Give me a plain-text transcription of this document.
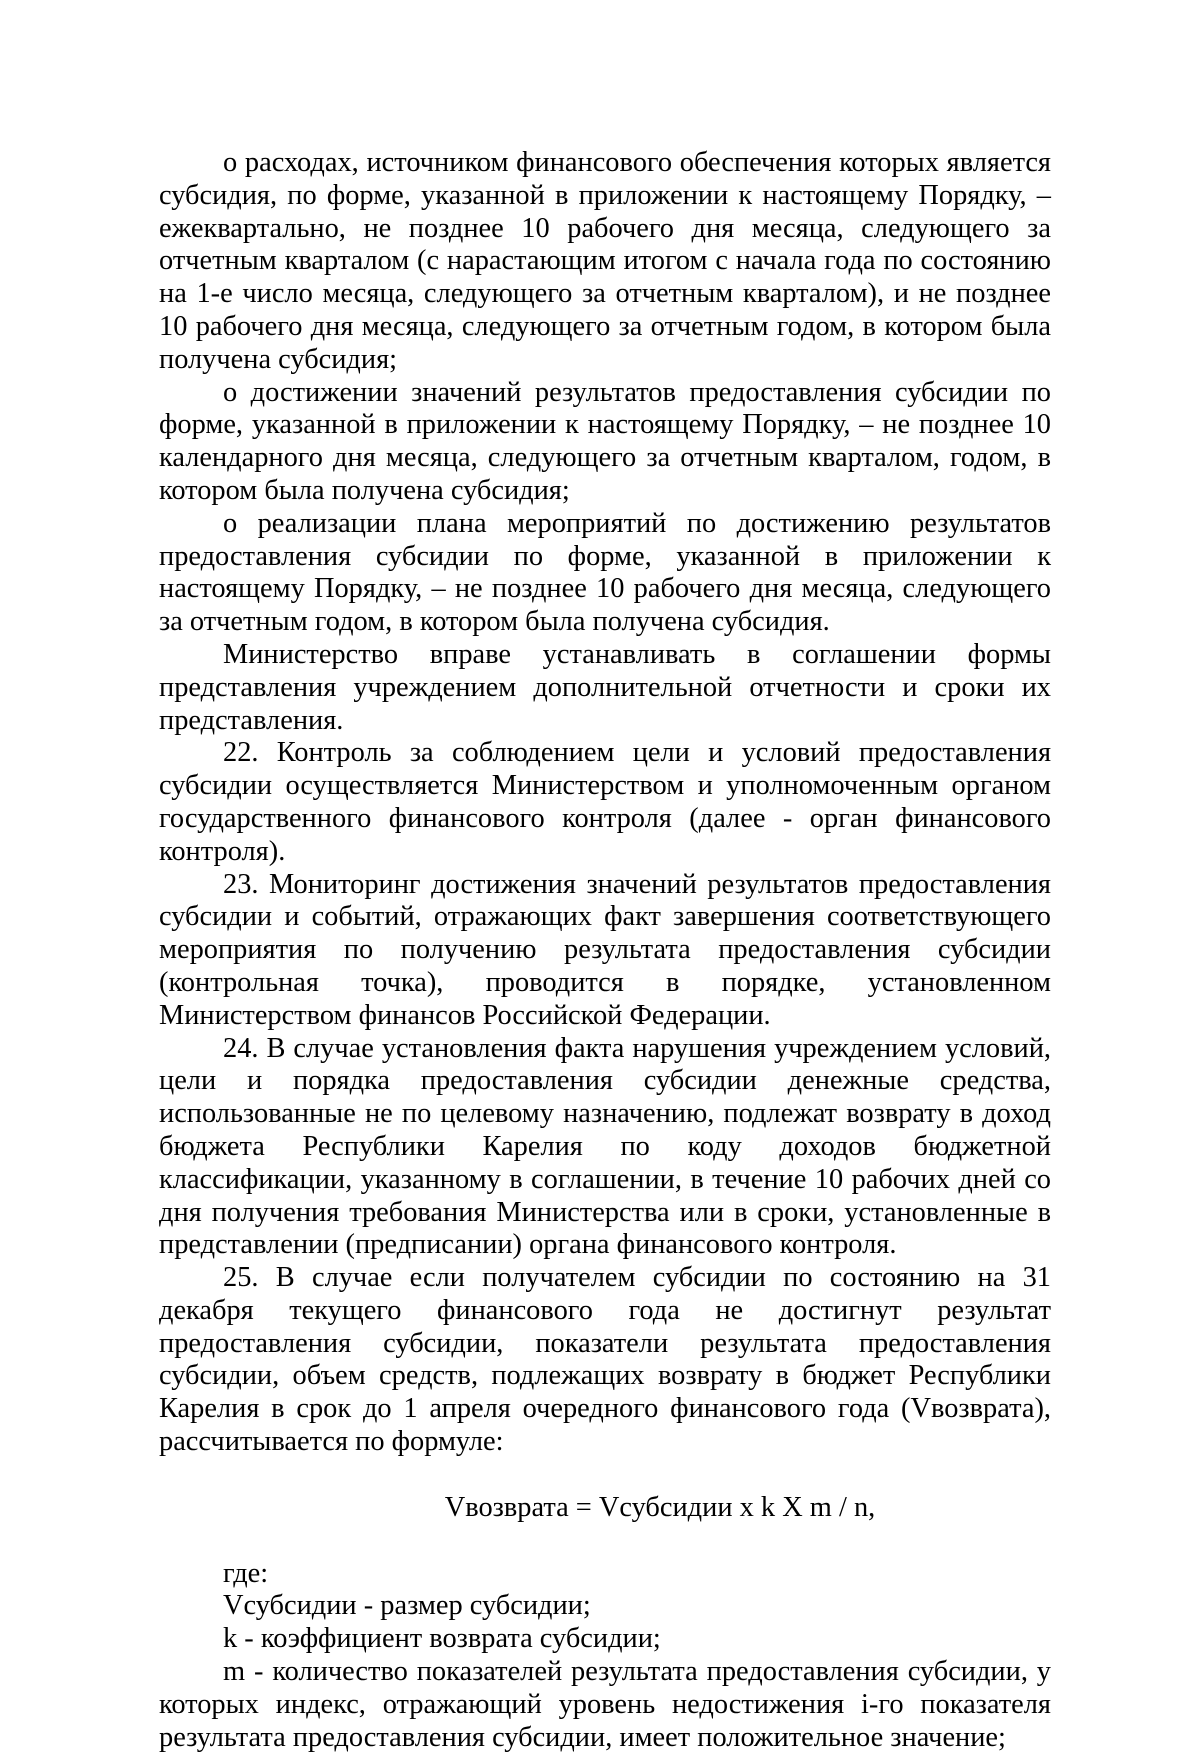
о расходах, источником финансового обеспечения которых является субсидия, по форме, указанной в приложении к настоящему Порядку, – ежеквартально, не позднее 10 рабочего дня месяца, следующего за отчетным кварталом (с нарастающим итогом с начала года по состоянию на 1-е число месяца, следующего за отчетным кварталом), и не позднее 10 рабочего дня месяца, следующего за отчетным годом, в котором была получена субсидия;

о достижении значений результатов предоставления субсидии по форме, указанной в приложении к настоящему Порядку, – не позднее 10 календарного дня месяца, следующего за отчетным кварталом, годом, в котором была получена субсидия;

о реализации плана мероприятий по достижению результатов предоставления субсидии по форме, указанной в приложении к настоящему Порядку, – не позднее 10 рабочего дня месяца, следующего за отчетным годом, в котором была получена субсидия.

Министерство вправе устанавливать в соглашении формы представления учреждением дополнительной отчетности и сроки их представления.

22. Контроль за соблюдением цели и условий предоставления субсидии осуществляется Министерством и уполномоченным органом государственного финансового контроля (далее - орган финансового контроля).

23. Мониторинг достижения значений результатов предоставления субсидии и событий, отражающих факт завершения соответствующего мероприятия по получению результата предоставления субсидии (контрольная точка), проводится в порядке, установленном Министерством финансов Российской Федерации.

24. В случае установления факта нарушения учреждением условий, цели и порядка предоставления субсидии денежные средства, использованные не по целевому назначению, подлежат возврату в доход бюджета Республики Карелия по коду доходов бюджетной классификации, указанному в соглашении, в течение 10 рабочих дней со дня получения требования Министерства или в сроки, установленные в представлении (предписании) органа финансового контроля.

25. В случае если получателем субсидии по состоянию на 31 декабря текущего финансового года не достигнут результат предоставления субсидии, показатели результата предоставления субсидии, объем средств, подлежащих возврату в бюджет Республики Карелия в срок до 1 апреля очередного финансового года (Vвозврата), рассчитывается по формуле:

Vвозврата = Vсубсидии x k X m / n,

где:

Vсубсидии - размер субсидии;

k - коэффициент возврата субсидии;

m - количество показателей результата предоставления субсидии, у которых индекс, отражающий уровень недостижения i-го показателя результата предоставления субсидии, имеет положительное значение;
